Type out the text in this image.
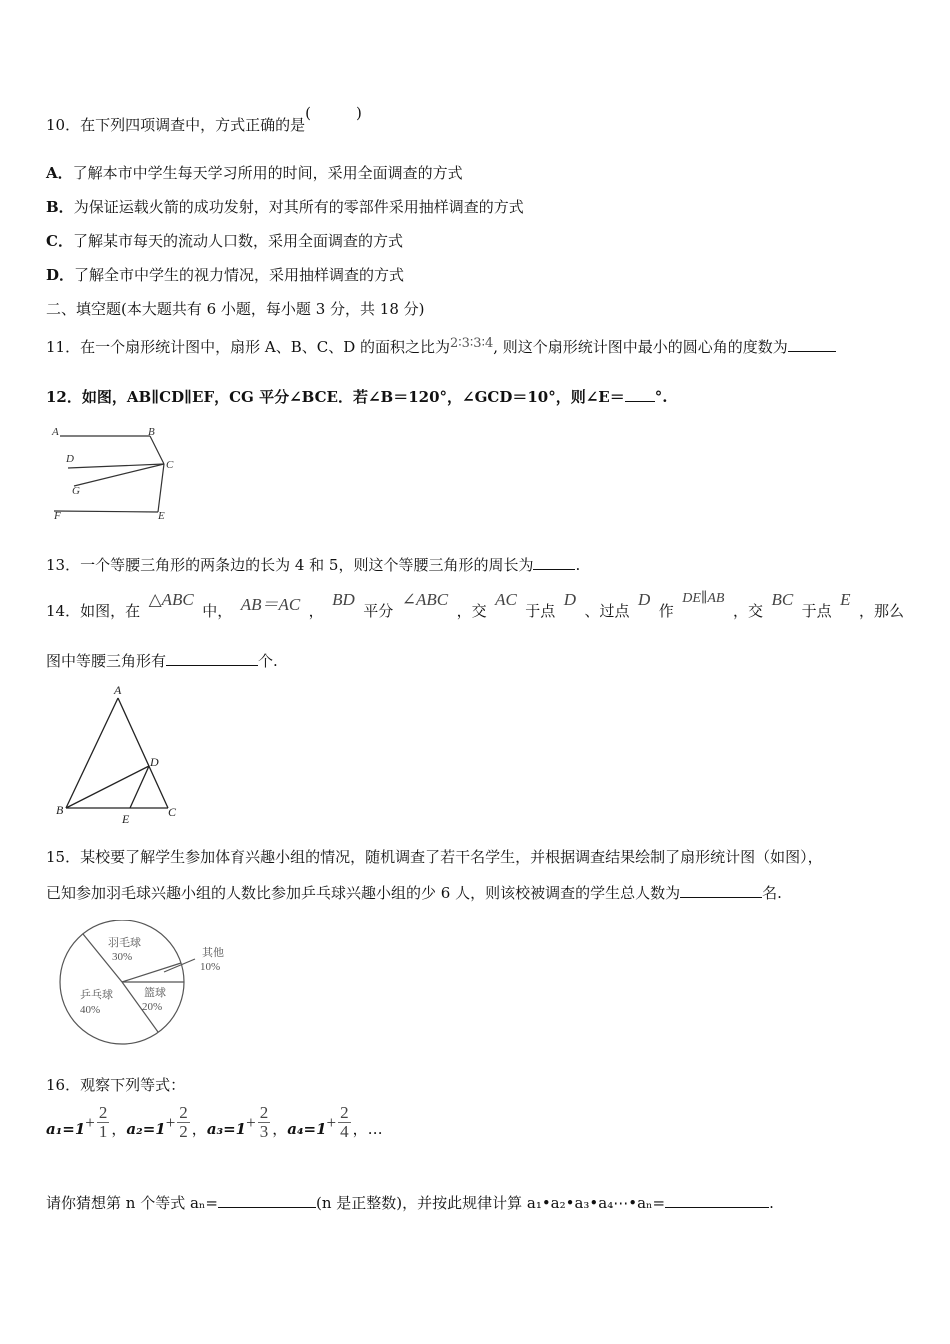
10．在下列四项调查中，方式正确的是(　　　)
A．了解本市中学生每天学习所用的时间，采用全面调查的方式
B．为保证运载火箭的成功发射，对其所有的零部件采用抽样调查的方式
C．了解某市每天的流动人口数，采用全面调查的方式
D．了解全市中学生的视力情况，采用抽样调查的方式
二、填空题(本大题共有 6 小题，每小题 3 分，共 18 分)
11．在一个扇形统计图中，扇形 A、B、C、D 的面积之比为2∶3∶3∶4, 则这个扇形统计图中最小的圆心角的度数为
12．如图，AB∥CD∥EF，CG 平分∠BCE．若∠B＝120°，∠GCD＝10°，则∠E＝ °.
A	B
C
D
G
F	E
13．一个等腰三角形的两条边的长为 4 和 5，则这个等腰三角形的周长为	.
14．如图，在
△ABC
中， AB＝AC ，
BD
平分
∠ABC
，交
AC
于点
D
、过点
D
作
DE∥AB
，交
BC
于点
E
，那么
图中等腰三角形有	个.
A
B	C
D
E
15．某校要了解学生参加体育兴趣小组的情况，随机调查了若干名学生，并根据调查结果绘制了扇形统计图（如图），
已知参加羽毛球兴趣小组的人数比参加乒乓球兴趣小组的少 6 人，则该校被调查的学生总人数为	名.
羽毛球
30%	其他
10%
篮球
20%
乒乓球
40%
16．观察下列等式：
$a_1=1 + \frac{2}{1}$ ， $a_2=1 + \frac{2}{2}$ ， $a_3=1 + \frac{2}{3}$ ， $a_4=1 + \frac{2}{4}$ ，…
请你猜想第 n 个等式 aₙ=	(n 是正整数)，并按此规律计算 a₁•a₂•a₃•a₄⋯•aₙ=	.
